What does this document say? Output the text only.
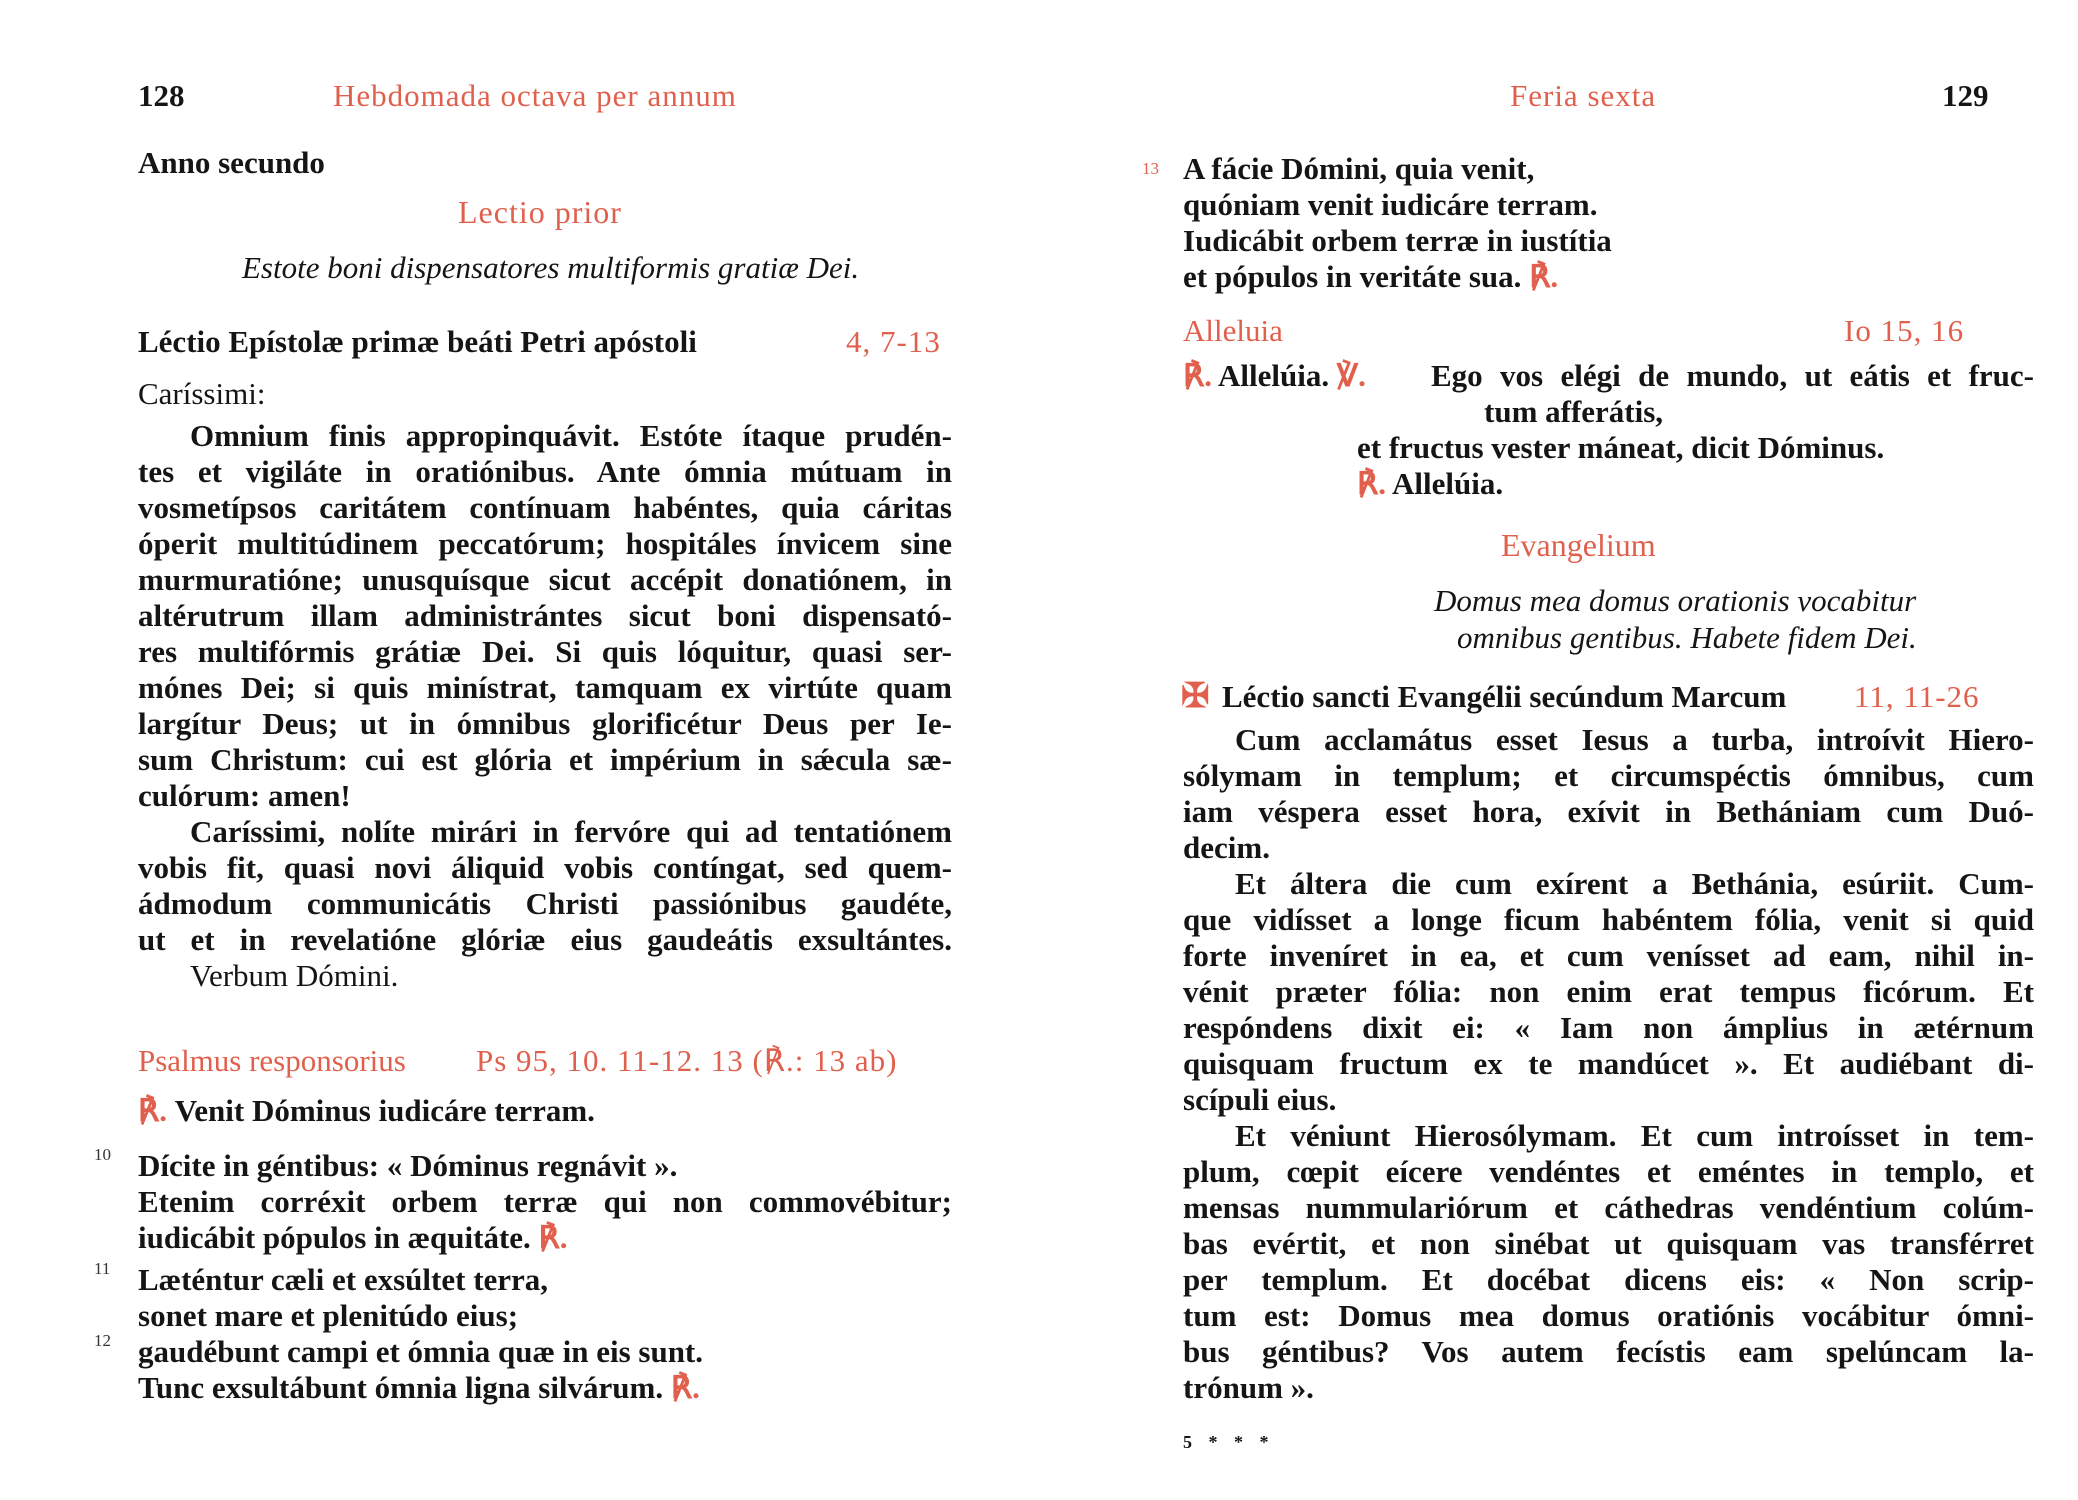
128	Hebdomada octava per annum
Anno secundo
Lectio prior
Estote boni dispensatores multiformis gratiæ Dei.
Léctio Epístolæ primæ beáti Petri apóstoli	4, 7-13
Caríssimi:
Omnium finis appropinquávit. Estóte ítaque prudén-
tes et vigiláte in oratiónibus. Ante ómnia mútuam in
vosmetípsos caritátem contínuam habéntes, quia cáritas
óperit multitúdinem peccatórum; hospitáles ínvicem sine
murmuratióne; unusquísque sicut accépit donatiónem, in
altérutrum illam administrántes sicut boni dispensató-
res multifórmis grátiæ Dei. Si quis lóquitur, quasi ser-
mónes Dei; si quis minístrat, tamquam ex virtúte quam
largítur Deus; ut in ómnibus glorificétur Deus per Ie-
sum Christum: cui est glória et impérium in sǽcula sæ-
culórum: amen!
Caríssimi, nolíte mirári in fervóre qui ad tentatiónem
vobis fit, quasi novi áliquid vobis contíngat, sed quem-
ádmodum communicátis Christi passiónibus gaudéte,
ut et in revelatióne glóriæ eius gaudeátis exsultántes.
Verbum Dómini.
Psalmus responsorius Ps 95, 10. 11-12. 13 (℟.: 13 ab)
℟. Venit Dóminus iudicáre terram.
10 Dícite in géntibus: « Dóminus regnávit ».
Etenim corréxit orbem terræ qui non commovébitur;
iudicábit pópulos in æquitáte. ℟.
11 Læténtur cæli et exsúltet terra,
sonet mare et plenitúdo eius;
12 gaudébunt campi et ómnia quæ in eis sunt.
Tunc exsultábunt ómnia ligna silvárum. ℟.
Feria sexta	129
13 A fácie Dómini, quia venit,
quóniam venit iudicáre terram.
Iudicábit orbem terræ in iustítia
et pópulos in veritáte sua. ℟.
Alleluia	Io 15, 16
℟. Allelúia. ℣. Ego vos elégi de mundo, ut eátis et fruc-
tum afferátis,
et fructus vester máneat, dicit Dóminus.
℟. Allelúia.
Evangelium
Domus mea domus orationis vocabitur
omnibus gentibus. Habete fidem Dei.
✠ Léctio sancti Evangélii secúndum Marcum 11, 11-26
Cum acclamátus esset Iesus a turba, introívit Hiero-
sólymam in templum; et circumspéctis ómnibus, cum
iam véspera esset hora, exívit in Bethániam cum Duó-
decim.
Et áltera die cum exírent a Bethánia, esúriit. Cum-
que vidísset a longe ficum habéntem fólia, venit si quid
forte inveníret in ea, et cum venísset ad eam, nihil in-
vénit præter fólia: non enim erat tempus ficórum. Et
respóndens dixit ei: « Iam non ámplius in ætérnum
quisquam fructum ex te mandúcet ». Et audiébant di-
scípuli eius.
Et véniunt Hierosólymam. Et cum introísset in tem-
plum, cœpit eícere vendéntes et eméntes in templo, et
mensas nummulariórum et cáthedras vendéntium colúm-
bas evértit, et non sinébat ut quisquam vas transférret
per templum. Et docébat dicens eis: « Non scrip-
tum est: Domus mea domus oratiónis vocábitur ómni-
bus géntibus? Vos autem fecístis eam spelúncam la-
trónum ».
5 * * *
